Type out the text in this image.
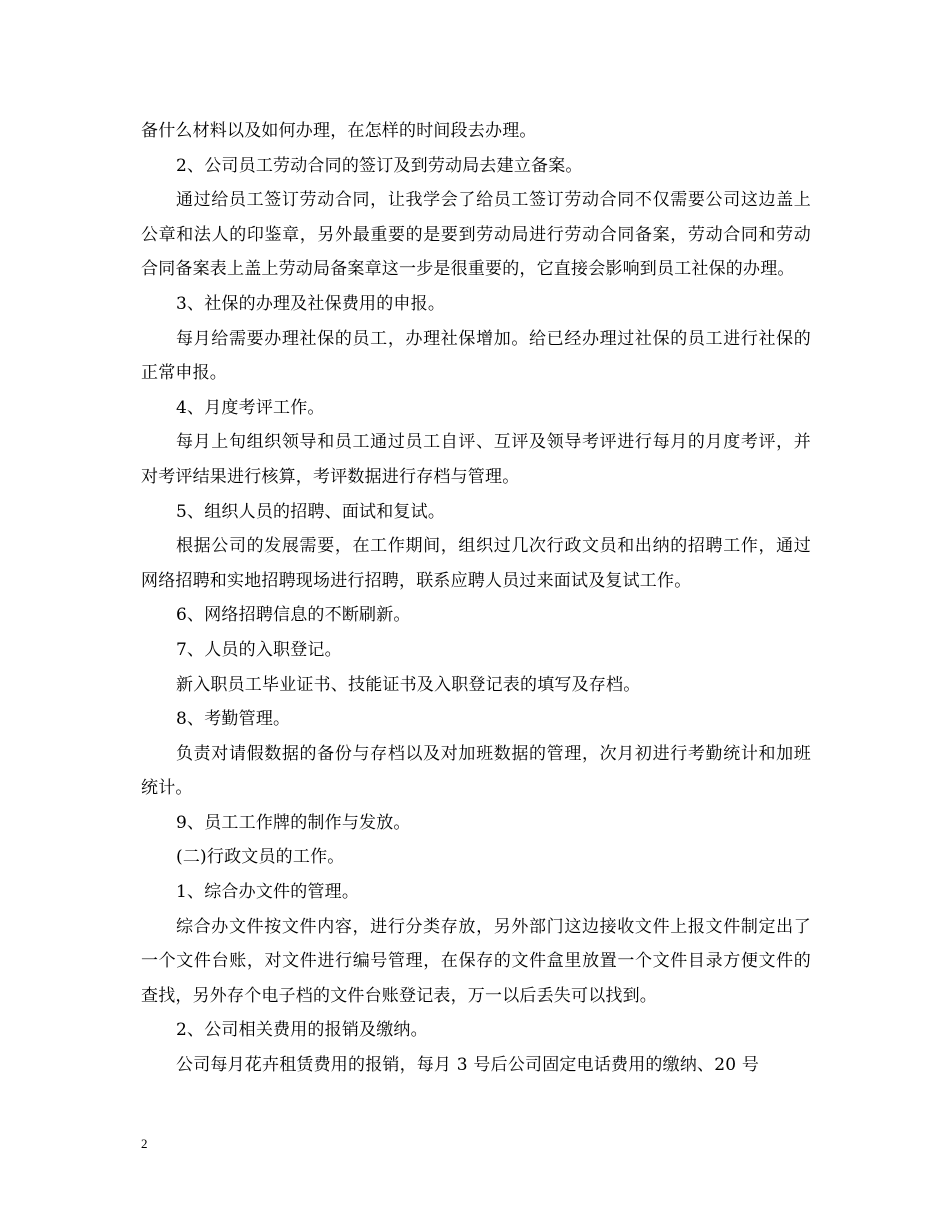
备什么材料以及如何办理，在怎样的时间段去办理。

2、公司员工劳动合同的签订及到劳动局去建立备案。

通过给员工签订劳动合同，让我学会了给员工签订劳动合同不仅需要公司这边盖上公章和法人的印鉴章，另外最重要的是要到劳动局进行劳动合同备案，劳动合同和劳动合同备案表上盖上劳动局备案章这一步是很重要的，它直接会影响到员工社保的办理。

3、社保的办理及社保费用的申报。

每月给需要办理社保的员工，办理社保增加。给已经办理过社保的员工进行社保的正常申报。

4、月度考评工作。

每月上旬组织领导和员工通过员工自评、互评及领导考评进行每月的月度考评，并对考评结果进行核算，考评数据进行存档与管理。

5、组织人员的招聘、面试和复试。

根据公司的发展需要，在工作期间，组织过几次行政文员和出纳的招聘工作，通过网络招聘和实地招聘现场进行招聘，联系应聘人员过来面试及复试工作。

6、网络招聘信息的不断刷新。

7、人员的入职登记。

新入职员工毕业证书、技能证书及入职登记表的填写及存档。

8、考勤管理。

负责对请假数据的备份与存档以及对加班数据的管理，次月初进行考勤统计和加班统计。

9、员工工作牌的制作与发放。

(二)行政文员的工作。

1、综合办文件的管理。

综合办文件按文件内容，进行分类存放，另外部门这边接收文件上报文件制定出了一个文件台账，对文件进行编号管理，在保存的文件盒里放置一个文件目录方便文件的查找，另外存个电子档的文件台账登记表，万一以后丢失可以找到。

2、公司相关费用的报销及缴纳。

公司每月花卉租赁费用的报销，每月 3 号后公司固定电话费用的缴纳、20 号

2
